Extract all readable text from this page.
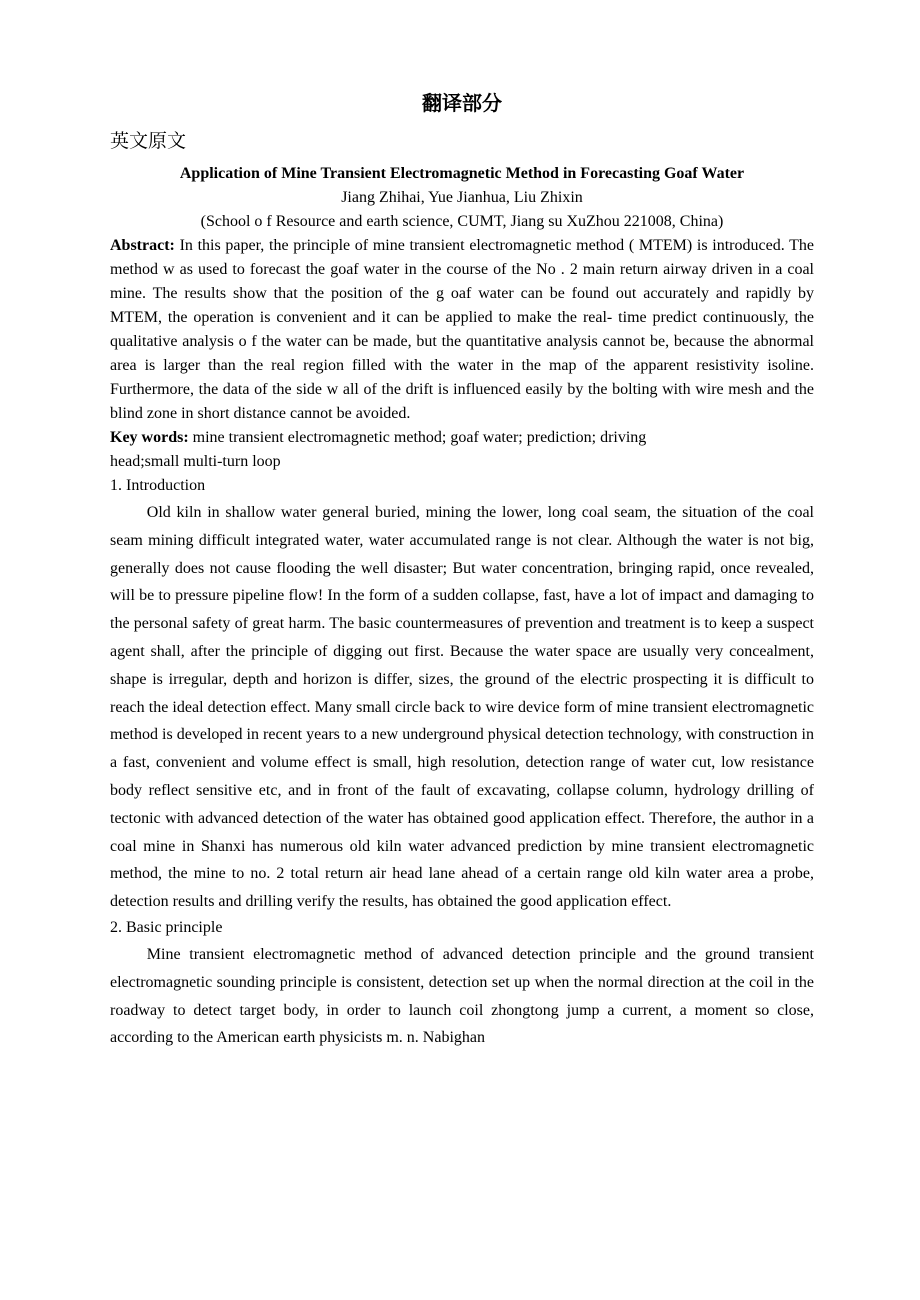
翻译部分
英文原文

Application of Mine Transient Electromagnetic Method in Forecasting Goaf Water

Jiang Zhihai, Yue Jianhua, Liu Zhixin

(School o f Resource and earth science, CUMT, Jiang su XuZhou 221008, China)

Abstract: In this paper, the principle of mine transient electromagnetic method ( MTEM) is introduced. The method w as used to forecast the goaf water in the course of the No . 2 main return airway driven in a coal mine. The results show that the position of the g oaf water can be found out accurately and rapidly by MTEM, the operation is convenient and it can be applied to make the real- time predict continuously, the qualitative analysis o f the water can be made, but the quantitative analysis cannot be, because the abnormal area is larger than the real region filled with the water in the map of the apparent resistivity isoline. Furthermore, the data of the side w all of the drift is influenced easily by the bolting with wire mesh and the blind zone in short distance cannot be avoided.

Key words: mine transient electromagnetic method; goaf water; prediction; driving

head;small multi-turn loop

1. Introduction

Old kiln in shallow water general buried, mining the lower, long coal seam, the situation of the coal seam mining difficult integrated water, water accumulated range is not clear. Although the water is not big, generally does not cause flooding the well disaster; But water concentration, bringing rapid, once revealed, will be to pressure pipeline flow! In the form of a sudden collapse, fast, have a lot of impact and damaging to the personal safety of great harm. The basic countermeasures of prevention and treatment is to keep a suspect agent shall, after the principle of digging out first. Because the water space are usually very concealment, shape is irregular, depth and horizon is differ, sizes, the ground of the electric prospecting it is difficult to reach the ideal detection effect. Many small circle back to wire device form of mine transient electromagnetic method is developed in recent years to a new underground physical detection technology, with construction in a fast, convenient and volume effect is small, high resolution, detection range of water cut, low resistance body reflect sensitive etc, and in front of the fault of excavating, collapse column, hydrology drilling of tectonic with advanced detection of the water has obtained good application effect. Therefore, the author in a coal mine in Shanxi has numerous old kiln water advanced prediction by mine transient electromagnetic method, the mine to no. 2 total return air head lane ahead of a certain range old kiln water area a probe, detection results and drilling verify the results, has obtained the good application effect.

2. Basic principle

Mine transient electromagnetic method of advanced detection principle and the ground transient electromagnetic sounding principle is consistent, detection set up when the normal direction at the coil in the roadway to detect target body, in order to launch coil zhongtong jump a current, a moment so close, according to the American earth physicists m. n. Nabighan
